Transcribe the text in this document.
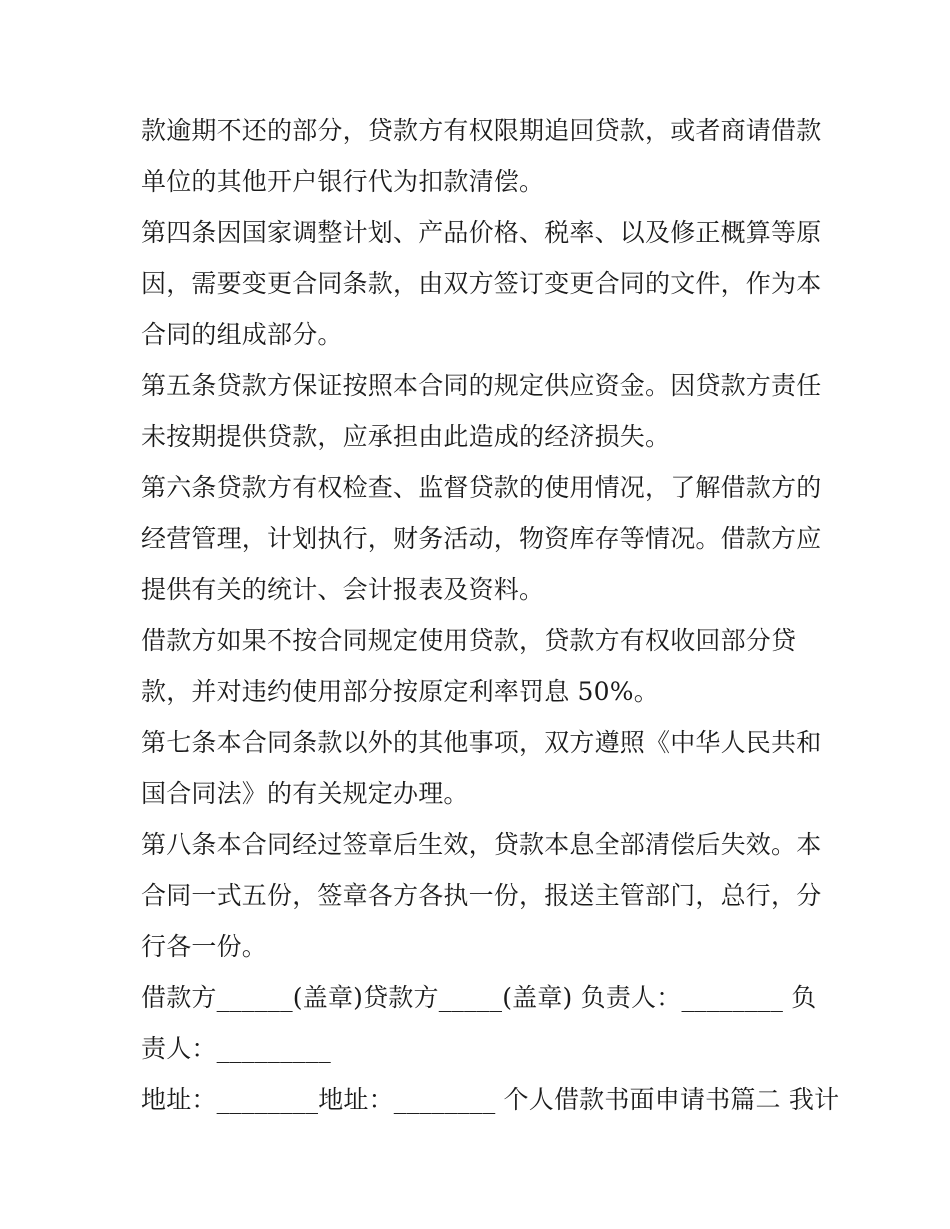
款逾期不还的部分，贷款方有权限期追回贷款，或者商请借款
单位的其他开户银行代为扣款清偿。
第四条因国家调整计划、产品价格、税率、以及修正概算等原
因，需要变更合同条款，由双方签订变更合同的文件，作为本
合同的组成部分。
第五条贷款方保证按照本合同的规定供应资金。因贷款方责任
未按期提供贷款，应承担由此造成的经济损失。
第六条贷款方有权检查、监督贷款的使用情况，了解借款方的
经营管理，计划执行，财务活动，物资库存等情况。借款方应
提供有关的统计、会计报表及资料。
借款方如果不按合同规定使用贷款，贷款方有权收回部分贷
款，并对违约使用部分按原定利率罚息 50%。
第七条本合同条款以外的其他事项，双方遵照《中华人民共和
国合同法》的有关规定办理。
第八条本合同经过签章后生效，贷款本息全部清偿后失效。本
合同一式五份，签章各方各执一份，报送主管部门，总行，分
行各一份。
借款方______(盖章)贷款方_____(盖章) 负责人：________ 负
责人：_________
地址：________地址：________ 个人借款书面申请书篇二 我计
